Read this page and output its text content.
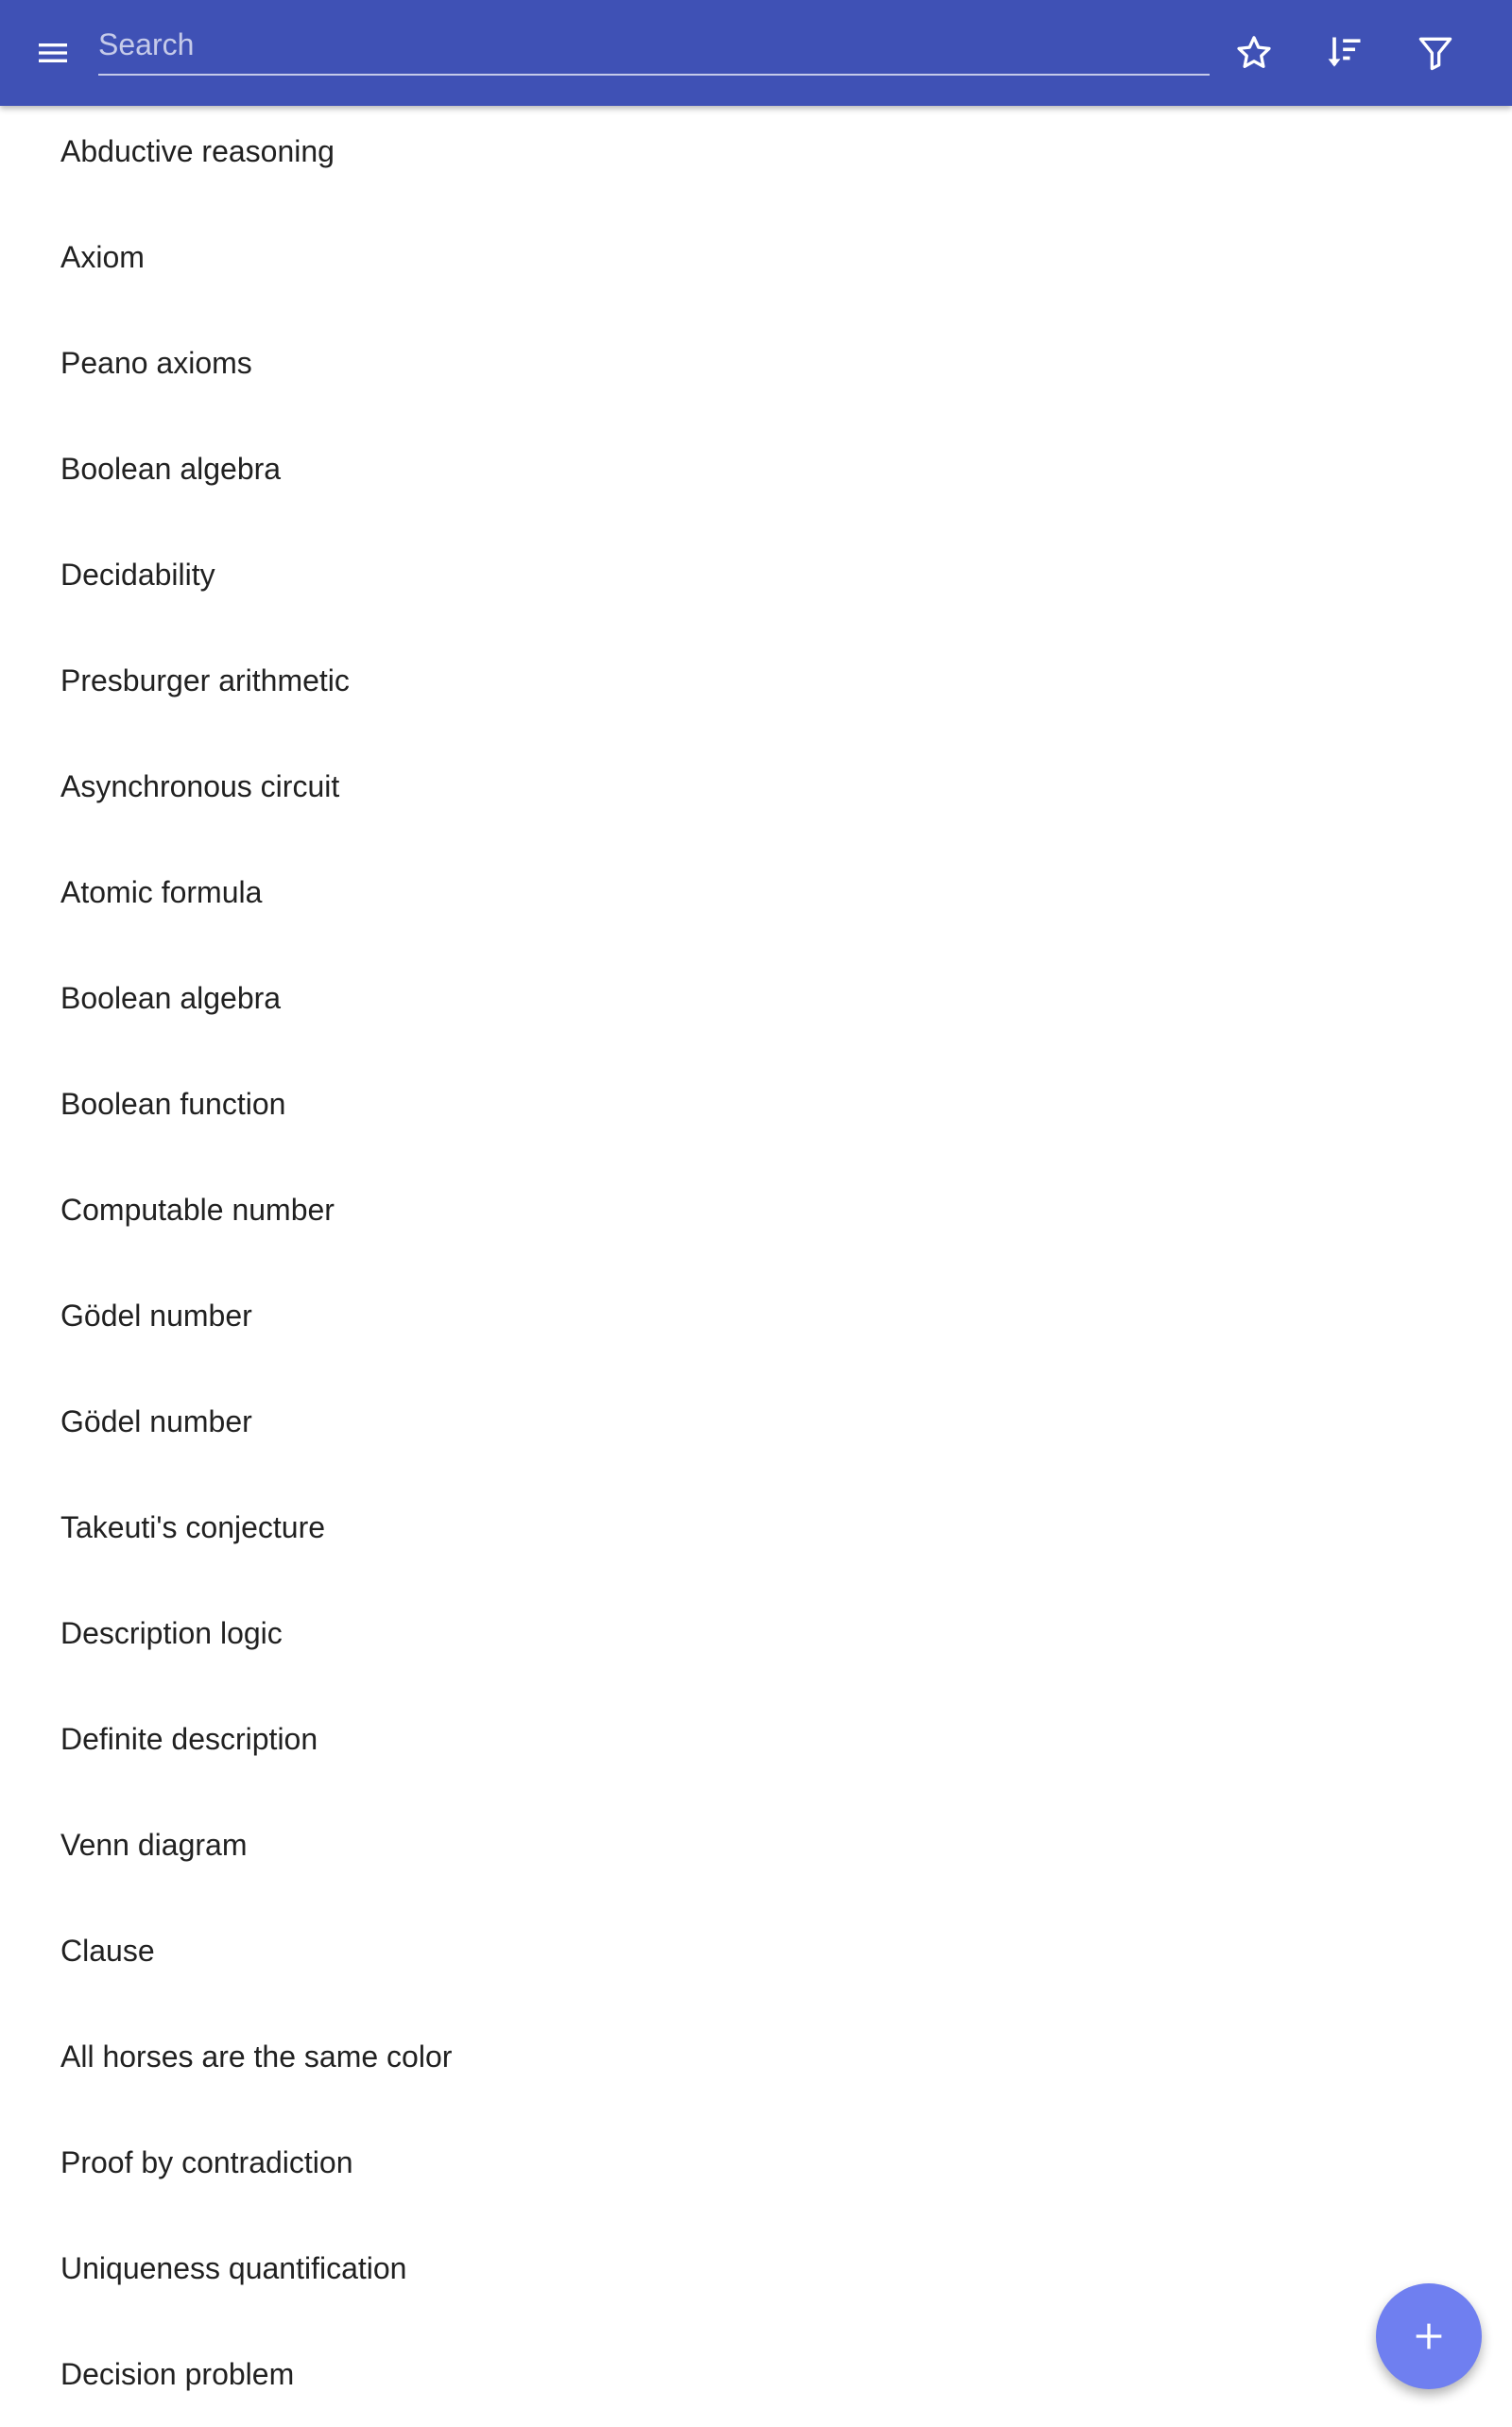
Search
Abductive reasoning
Axiom
Peano axioms
Boolean algebra
Decidability
Presburger arithmetic
Asynchronous circuit
Atomic formula
Boolean algebra
Boolean function
Computable number
Gödel number
Gödel number
Takeuti's conjecture
Description logic
Definite description
Venn diagram
Clause
All horses are the same color
Proof by contradiction
Uniqueness quantification
Decision problem
